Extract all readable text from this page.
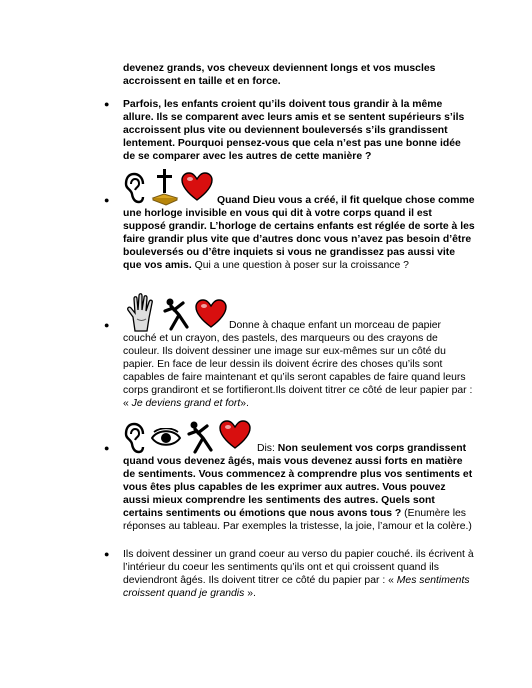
devenez grands, vos cheveux deviennent longs et vos muscles accroissent en taille et en force.

●	Parfois, les enfants croient qu’ils doivent tous grandir à la même allure. Ils se comparent avec leurs amis et se sentent supérieurs s’ils accroissent plus vite ou deviennent bouleversés s’ils grandissent lentement. Pourquoi pensez-vous que cela n’est pas une bonne idée de se comparer avec les autres de cette manière ?

●	Quand Dieu vous a créé, il fit quelque chose comme une horloge invisible en vous qui dit à votre corps quand il est supposé grandir. L’horloge de certains enfants est réglée de sorte à les faire grandir plus vite que d’autres donc vous n’avez pas besoin d’être bouleversés ou d’être inquiets si vous ne grandissez pas aussi vite que vos amis. Qui a une question à poser sur la croissance ?

●	Donne à chaque enfant un morceau de papier couché et un crayon, des pastels, des marqueurs ou des crayons de couleur. Ils doivent dessiner une image sur eux-mêmes sur un côté du papier. En face de leur dessin ils doivent écrire des choses qu’ils sont capables de faire maintenant et qu’ils seront capables de faire quand leurs corps grandiront et se fortifieront.Ils doivent titrer ce côté de leur papier par : « Je deviens grand et fort».

●	Dis: Non seulement vos corps grandissent quand vous devenez âgés, mais vous devenez aussi forts en matière de sentiments. Vous commencez à comprendre plus vos sentiments et vous êtes plus capables de les exprimer aux autres. Vous pouvez aussi mieux comprendre les sentiments des autres. Quels sont certains sentiments ou émotions que nous avons tous ? (Enumère les réponses au tableau. Par exemples la tristesse, la joie, l’amour et la colère.)

●	Ils doivent dessiner un grand coeur au verso du papier couché. ils écrivent à l’intérieur du coeur les sentiments qu’ils ont et qui croissent quand ils deviendront âgés. Ils doivent titrer ce côté du papier par : « Mes sentiments croissent quand je grandis ».
